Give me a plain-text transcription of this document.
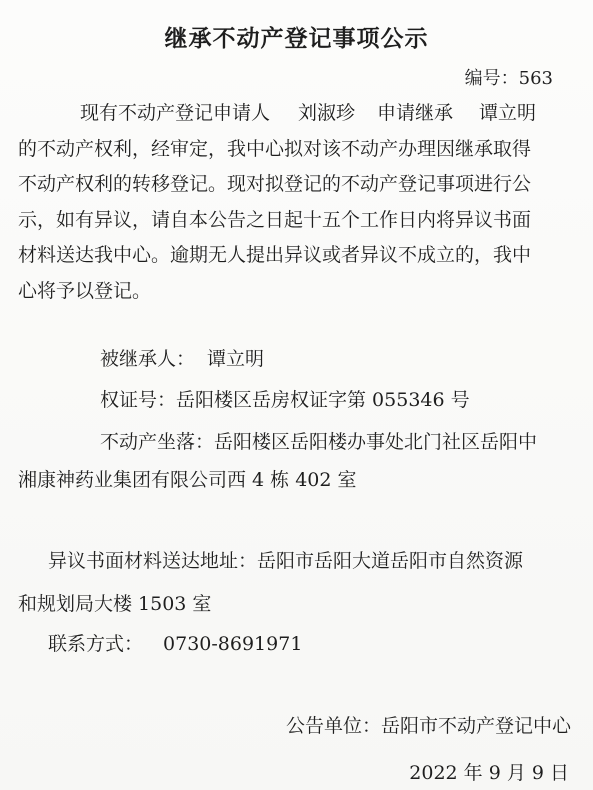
继承不动产登记事项公示
编号：563
现有不动产登记申请人 刘淑珍 申请继承 谭立明
的不动产权利，经审定，我中心拟对该不动产办理因继承取得
不动产权利的转移登记。现对拟登记的不动产登记事项进行公
示，如有异议，请自本公告之日起十五个工作日内将异议书面
材料送达我中心。逾期无人提出异议或者异议不成立的，我中
心将予以登记。
被继承人： 谭立明
权证号：岳阳楼区岳房权证字第 055346 号
不动产坐落：岳阳楼区岳阳楼办事处北门社区岳阳中
湘康神药业集团有限公司西 4 栋 402 室
异议书面材料送达地址：岳阳市岳阳大道岳阳市自然资源
和规划局大楼 1503 室
联系方式： 0730-8691971
公告单位：岳阳市不动产登记中心
2022 年 9 月 9 日
